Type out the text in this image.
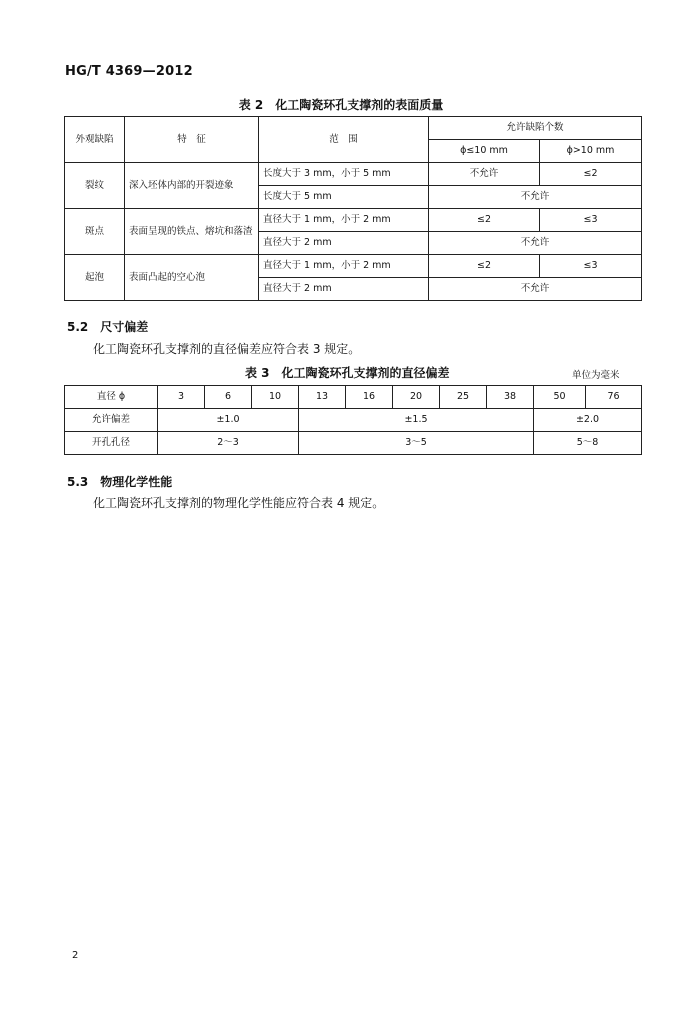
HG/T 4369—2012
表 2　化工陶瓷环孔支撑剂的表面质量
外观缺陷	特　征	范　围	允许缺陷个数	
			ϕ≤10 mm	ϕ>10 mm
裂纹	深入坯体内部的开裂迹象	长度大于 3 mm，小于 5 mm	不允许	≤2
		长度大于 5 mm	不允许	
斑点	表面呈现的铁点、熔坑和落渣	直径大于 1 mm，小于 2 mm	≤2	≤3
		直径大于 2 mm	不允许	
起泡	表面凸起的空心泡	直径大于 1 mm，小于 2 mm	≤2	≤3
		直径大于 2 mm	不允许	
5.2　尺寸偏差
化工陶瓷环孔支撑剂的直径偏差应符合表 3 规定。
表 3　化工陶瓷环孔支撑剂的直径偏差	单位为毫米
直径 ϕ	3	6	10	13	16	20	25	38	50	76
允许偏差	±1.0			±1.5					±2.0	
开孔孔径	2～3			3～5					5～8	
5.3　物理化学性能
化工陶瓷环孔支撑剂的物理化学性能应符合表 4 规定。
2
